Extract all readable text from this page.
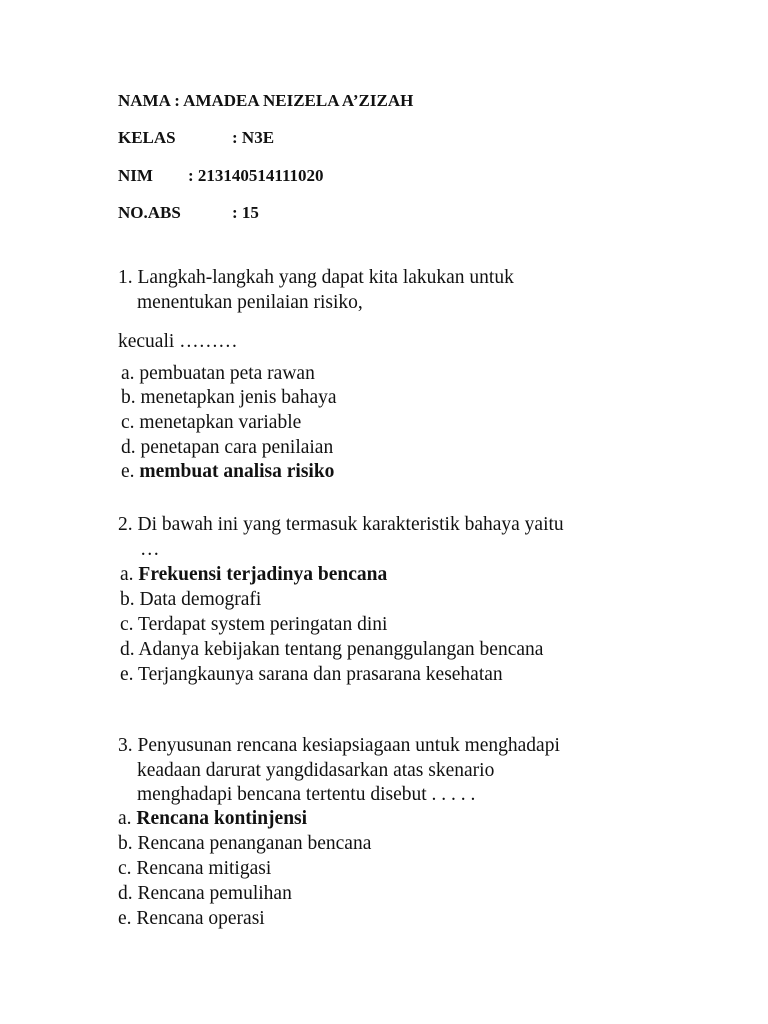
NAMA : AMADEA NEIZELA A’ZIZAH
KELAS	: N3E
NIM : 213140514111020
NO.ABS	: 15
1. Langkah-langkah yang dapat kita lakukan untuk
menentukan penilaian risiko,
kecuali ………
a. pembuatan peta rawan
b. menetapkan jenis bahaya
c. menetapkan variable
d. penetapan cara penilaian
e. membuat analisa risiko
2. Di bawah ini yang termasuk karakteristik bahaya yaitu
…
a. Frekuensi terjadinya bencana
b. Data demografi
c. Terdapat system peringatan dini
d. Adanya kebijakan tentang penanggulangan bencana
e. Terjangkaunya sarana dan prasarana kesehatan
3. Penyusunan rencana kesiapsiagaan untuk menghadapi
keadaan darurat yangdidasarkan atas skenario
menghadapi bencana tertentu disebut . . . . .
a. Rencana kontinjensi
b. Rencana penanganan bencana
c. Rencana mitigasi
d. Rencana pemulihan
e. Rencana operasi
